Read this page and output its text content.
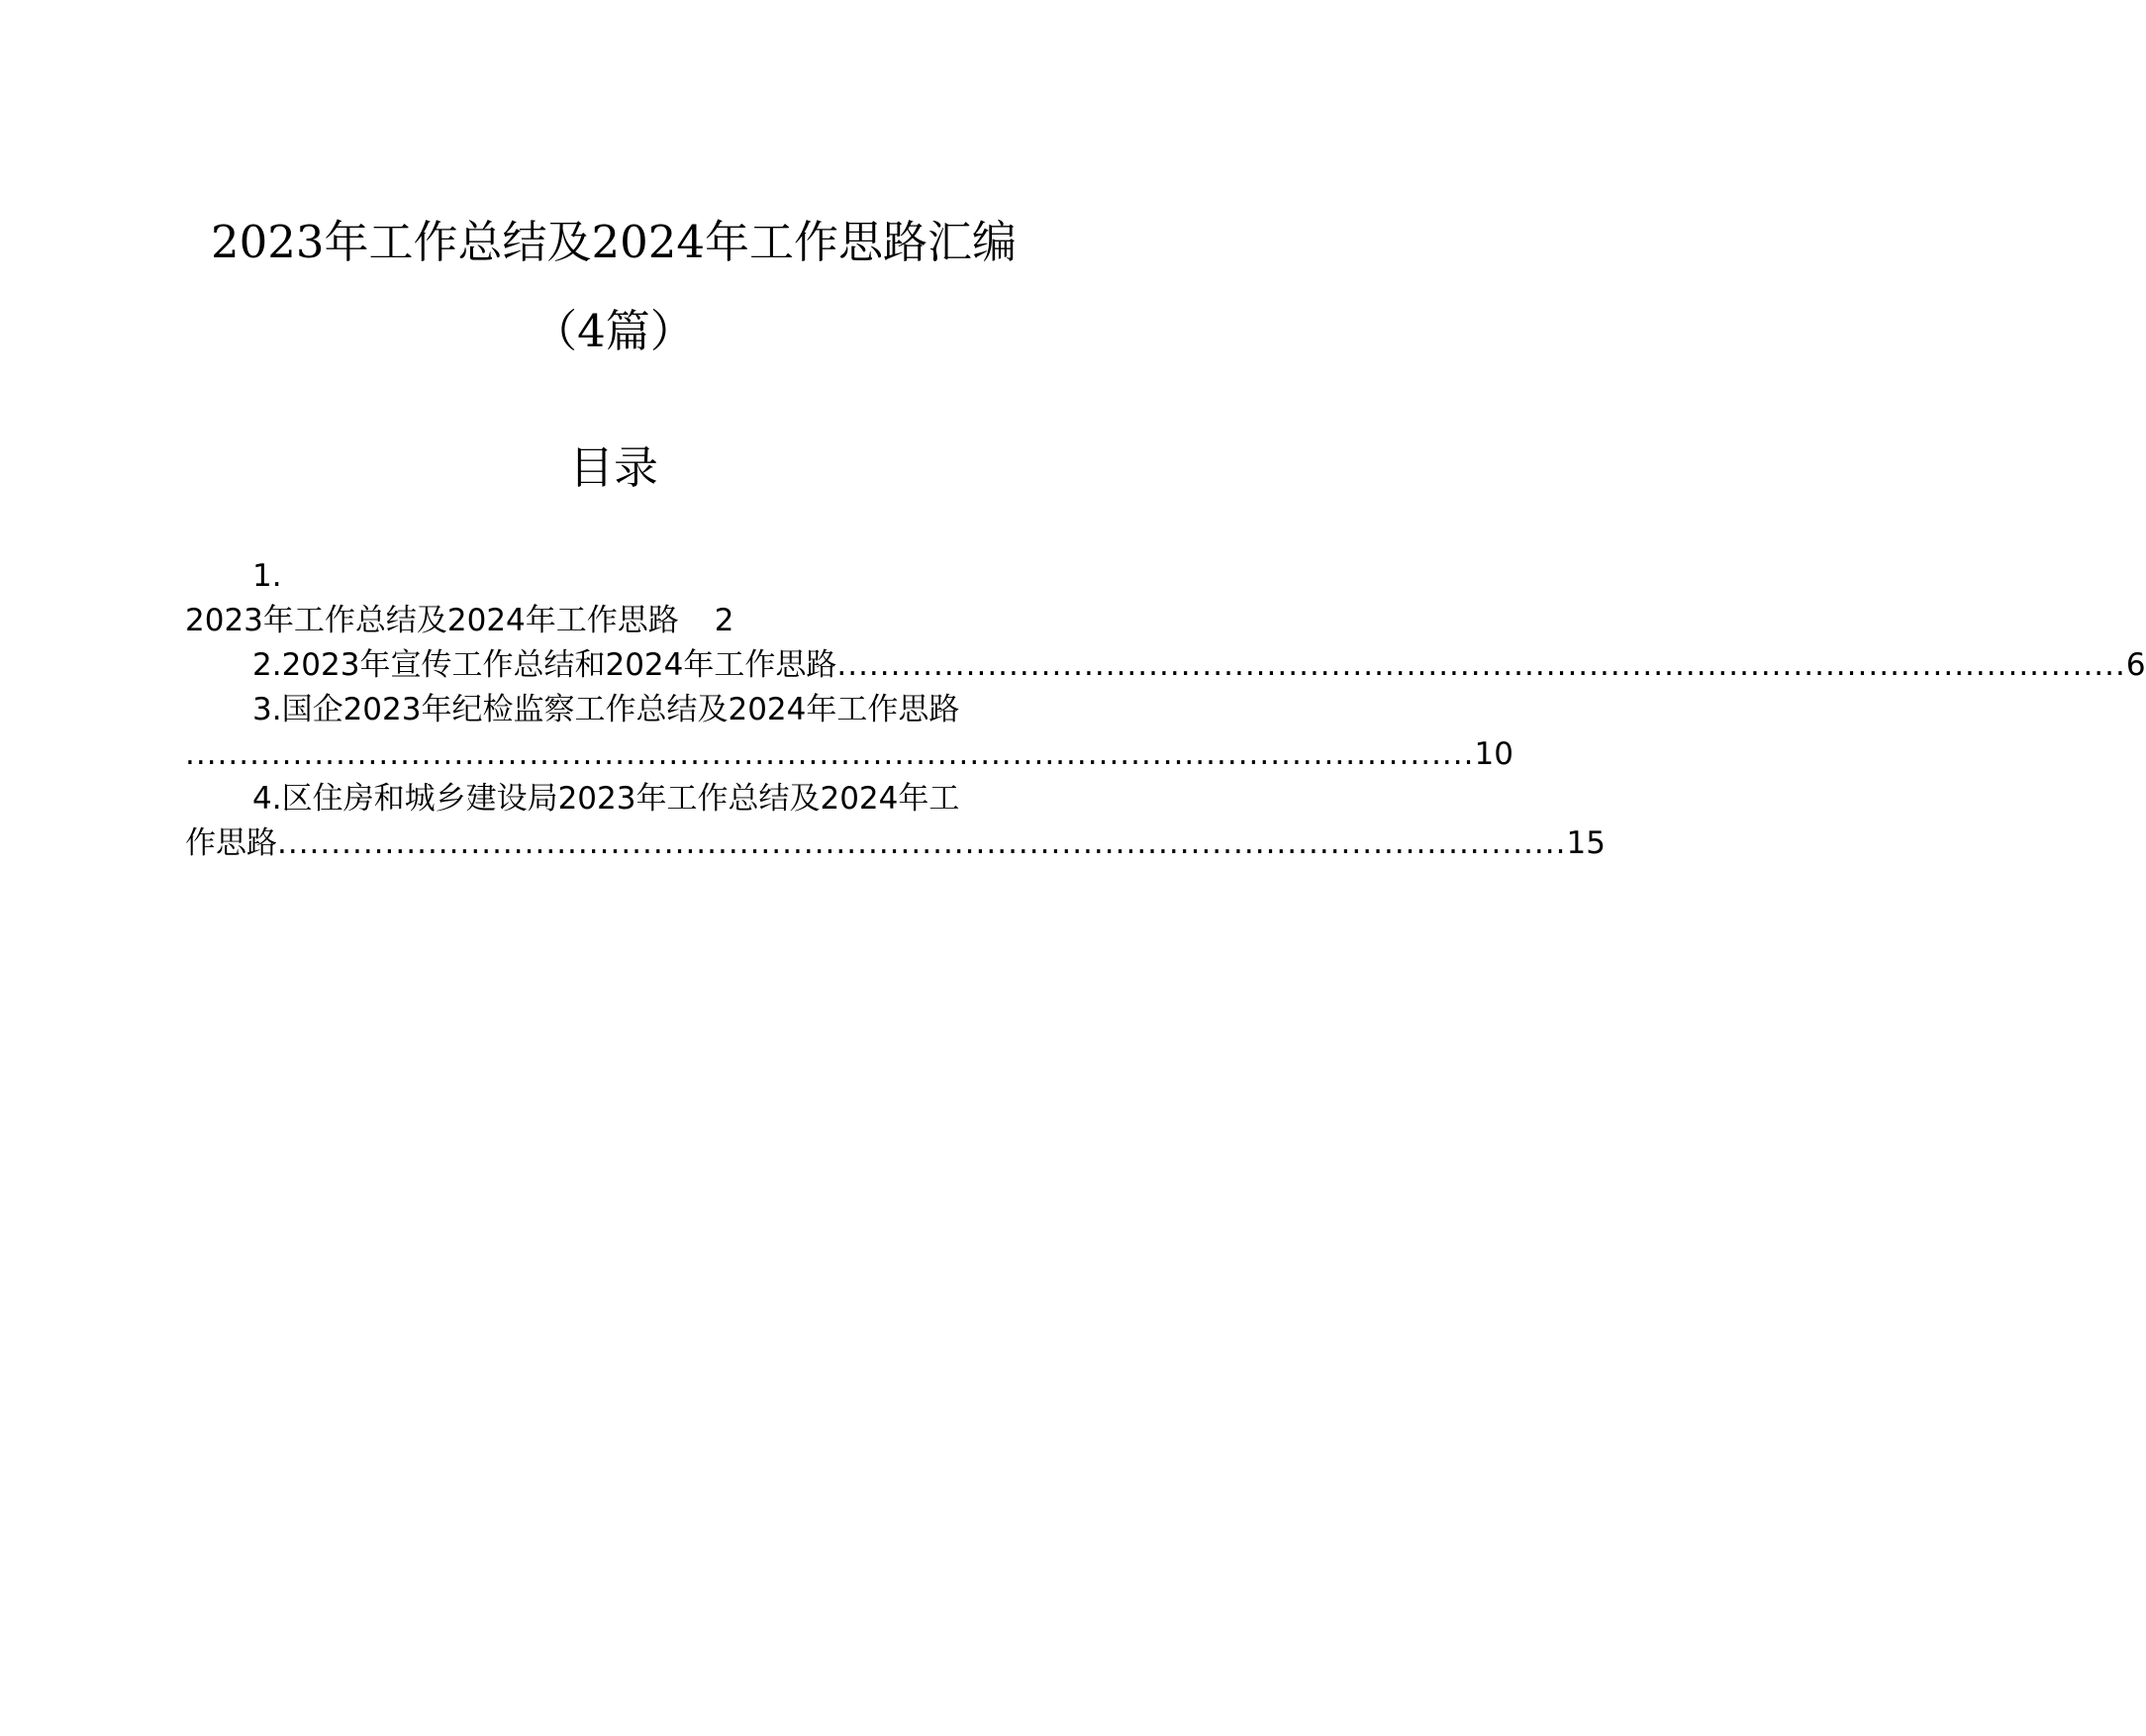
2023年工作总结及2024年工作思路汇编
（4篇）
目录
1.
2023年工作总结及2024年工作思路 2
2. 2023年宣传工作总结和2024年工作思路 ........................................................................................................................ 6
3.国企2023年纪检监察工作总结及2024年工作思路
........................................................................................................................ 10
4.区住房和城乡建设局2023年工作总结及2024年工
作思路 ........................................................................................................................ 15
